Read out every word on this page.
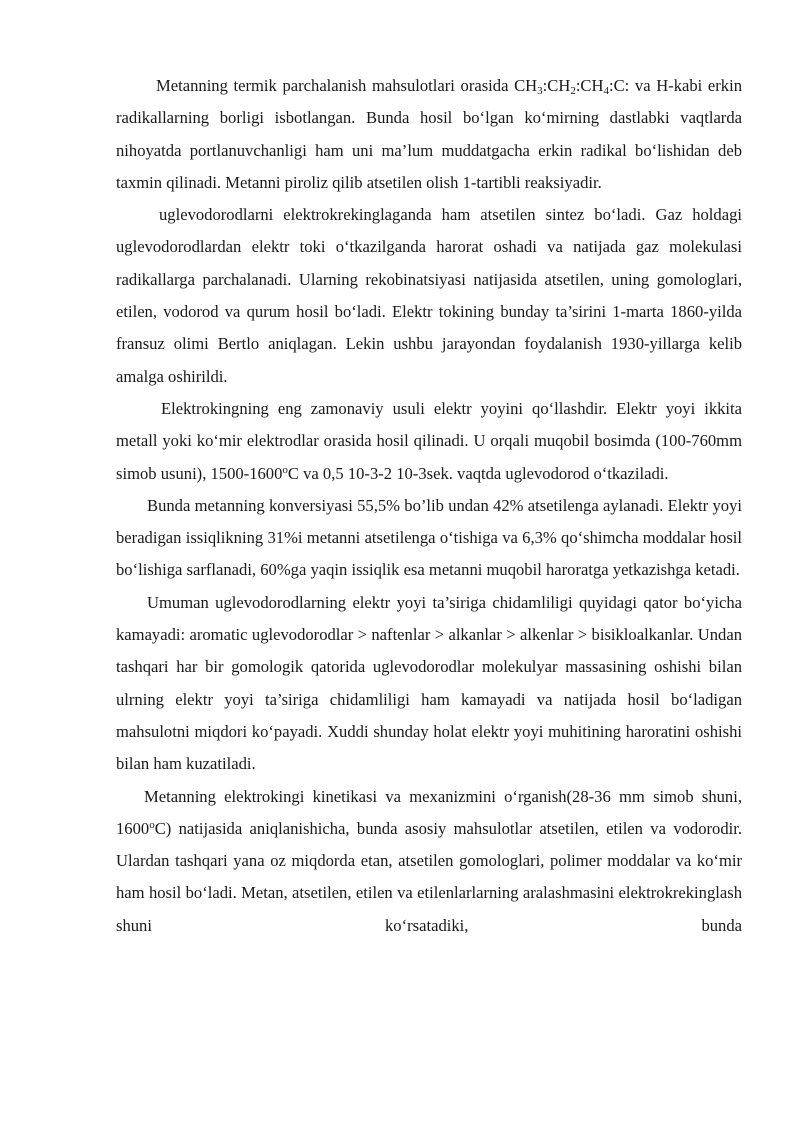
Metanning termik parchalanish mahsulotlari orasida $CH_3:CH_2:CH_4:C$: va H-kabi erkin radikallarning borligi isbotlangan. Bunda hosil bo‘lgan ko‘mirning dastlabki vaqtlarda nihoyatda portlanuvchanligi ham uni ma’lum muddatgacha erkin radikal bo‘lishidan deb taxmin qilinadi. Metanni piroliz qilib atsetilen olish 1-tartibli reaksiyadir.

uglevodorodlarni elektrokrekinglaganda ham atsetilen sintez bo‘ladi. Gaz holdagi uglevodorodlardan elektr toki o‘tkazilganda harorat oshadi va natijada gaz molekulasi radikallarga parchalanadi. Ularning rekobinatsiyasi natijasida atsetilen, uning gomologlari, etilen, vodorod va qurum hosil bo‘ladi. Elektr tokining bunday ta’sirini 1-marta 1860-yilda fransuz olimi Bertlo aniqlagan. Lekin ushbu jarayondan foydalanish 1930-yillarga kelib amalga oshirildi.

Elektrokingning eng zamonaviy usuli elektr yoyini qo‘llashdir. Elektr yoyi ikkita metall yoki ko‘mir elektrodlar orasida hosil qilinadi. U orqali muqobil bosimda (100-760mm simob usuni), 1500-1600$^o$C va 0,5 10-3-2 10-3sek. vaqtda uglevodorod o‘tkaziladi.

Bunda metanning konversiyasi 55,5% bo’lib undan 42% atsetilenga aylanadi. Elektr yoyi beradigan issiqlikning 31%i metanni atsetilenga o‘tishiga va 6,3% qo‘shimcha moddalar hosil bo‘lishiga sarflanadi, 60%ga yaqin issiqlik esa metanni muqobil haroratga yetkazishga ketadi.

Umuman uglevodorodlarning elektr yoyi ta’siriga chidamliligi quyidagi qator bo‘yicha kamayadi: aromatic uglevodorodlar > naftenlar > alkanlar > alkenlar > bisikloalkanlar. Undan tashqari har bir gomologik qatorida uglevodorodlar molekulyar massasining oshishi bilan ulrning elektr yoyi ta’siriga chidamliligi ham kamayadi va natijada hosil bo‘ladigan mahsulotni miqdori ko‘payadi. Xuddi shunday holat elektr yoyi muhitining haroratini oshishi bilan ham kuzatiladi.

Metanning elektrokingi kinetikasi va mexanizmini o‘rganish(28-36 mm simob shuni, 1600$^o$C) natijasida aniqlanishicha, bunda asosiy mahsulotlar atsetilen, etilen va vodorodir. Ulardan tashqari yana oz miqdorda etan, atsetilen gomologlari, polimer moddalar va ko‘mir ham hosil bo‘ladi. Metan, atsetilen, etilen va etilenlarlarning aralashmasini elektrokrekinglash shuni ko‘rsatadiki, bunda
